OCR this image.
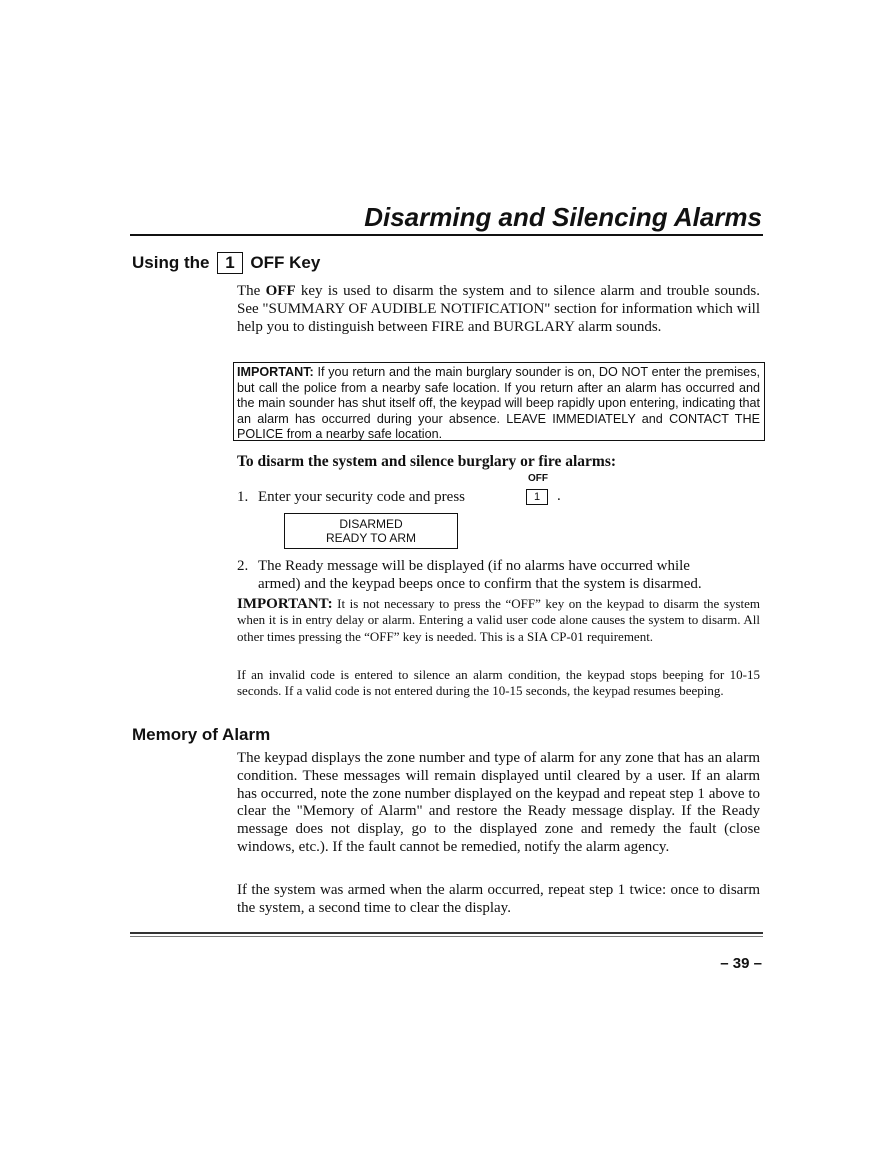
Disarming and Silencing Alarms
Using the 1 OFF Key

The OFF key is used to disarm the system and to silence alarm and trouble sounds. See "SUMMARY OF AUDIBLE NOTIFICATION" section for information which will help you to distinguish between FIRE and BURGLARY alarm sounds.

IMPORTANT: If you return and the main burglary sounder is on, DO NOT enter the premises, but call the police from a nearby safe location. If you return after an alarm has occurred and the main sounder has shut itself off, the keypad will beep rapidly upon entering, indicating that an alarm has occurred during your absence. LEAVE IMMEDIATELY and CONTACT THE POLICE from a nearby safe location.
To disarm the system and silence burglary or fire alarms:
1. Enter your security code and press
OFF
1	.
DISARMED
READY TO ARM
2. The Ready message will be displayed (if no alarms have occurred while
armed) and the keypad beeps once to confirm that the system is disarmed.

IMPORTANT: It is not necessary to press the “OFF” key on the keypad to disarm the system when it is in entry delay or alarm. Entering a valid user code alone causes the system to disarm. All other times pressing the “OFF” key is needed. This is a SIA CP-01 requirement.

If an invalid code is entered to silence an alarm condition, the keypad stops beeping for 10-15 seconds. If a valid code is not entered during the 10-15 seconds, the keypad resumes beeping.

Memory of Alarm

The keypad displays the zone number and type of alarm for any zone that has an alarm condition. These messages will remain displayed until cleared by a user. If an alarm has occurred, note the zone number displayed on the keypad and repeat step 1 above to clear the "Memory of Alarm" and restore the Ready message display. If the Ready message does not display, go to the displayed zone and remedy the fault (close windows, etc.). If the fault cannot be remedied, notify the alarm agency.

If the system was armed when the alarm occurred, repeat step 1 twice: once to disarm the system, a second time to clear the display.

– 39 –
